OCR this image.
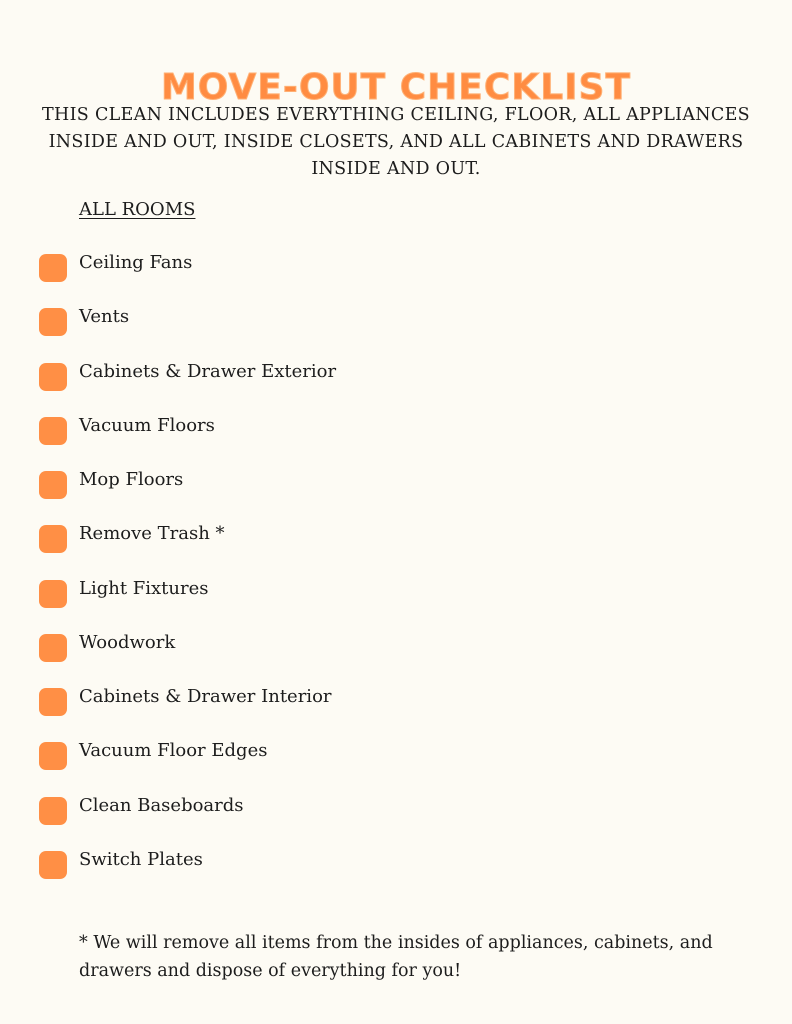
MOVE-OUT CHECKLIST
THIS CLEAN INCLUDES EVERYTHING CEILING, FLOOR, ALL APPLIANCES INSIDE AND OUT, INSIDE CLOSETS, AND ALL CABINETS AND DRAWERS INSIDE AND OUT.
ALL ROOMS
Ceiling Fans
Vents
Cabinets & Drawer Exterior
Vacuum Floors
Mop Floors
Remove Trash *
Light Fixtures
Woodwork
Cabinets & Drawer Interior
Vacuum Floor Edges
Clean Baseboards
Switch Plates
* We will remove all items from the insides of appliances, cabinets, and drawers and dispose of everything for you!
